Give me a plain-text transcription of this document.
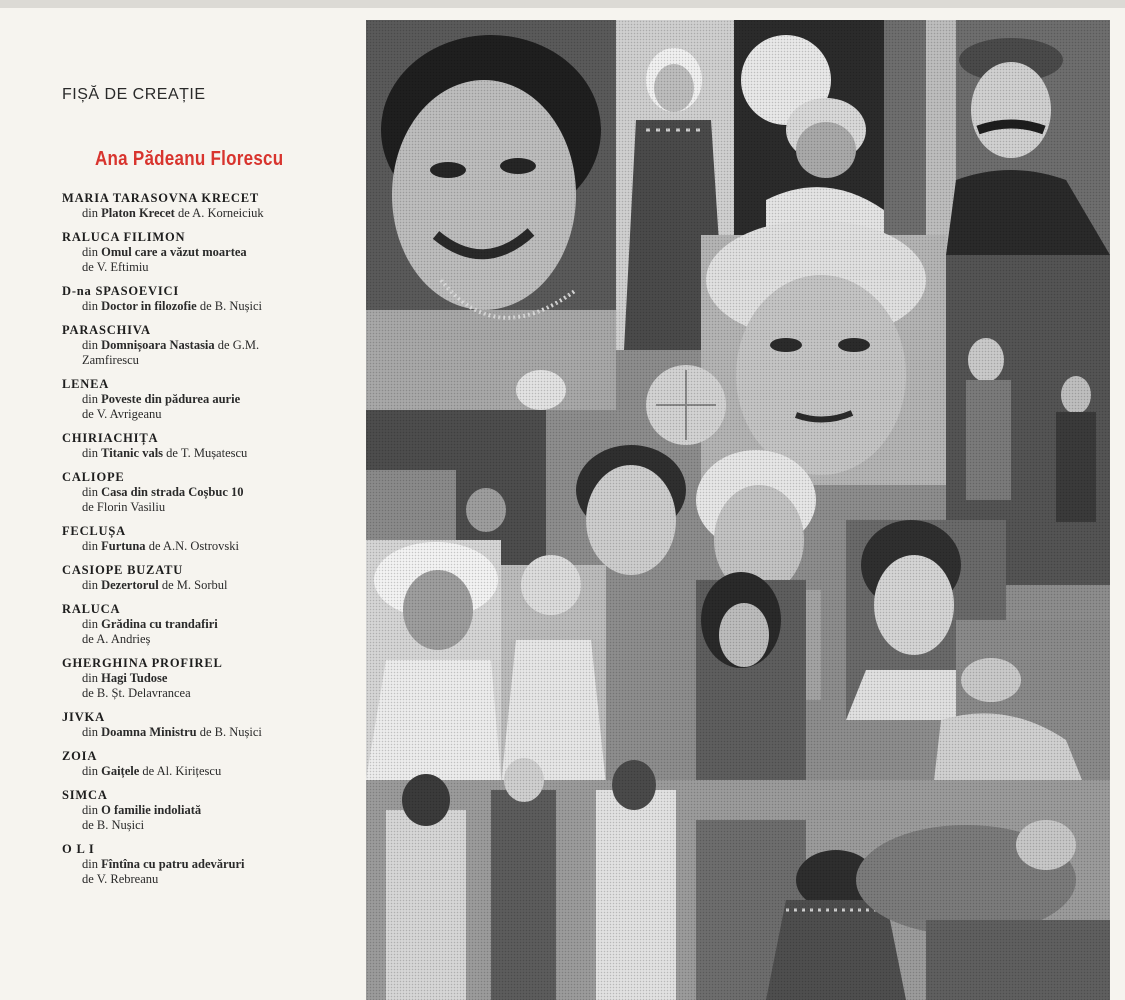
FIȘĂ DE CREAȚIE
Ana Pădeanu Florescu
MARIA TARASOVNA KRECET
din Platon Krecet de A. Korneiciuk
RALUCA FILIMON
din Omul care a văzut moartea
de V. Eftimiu
D-na SPASOEVICI
din Doctor in filozofie de B. Nușici
PARASCHIVA
din Domnișoara Nastasia de G.M.
Zamfirescu
LENEA
din Poveste din pădurea aurie
de V. Avrigeanu
CHIRIACHIȚA
din Titanic vals de T. Mușatescu
CALIOPE
din Casa din strada Coșbuc 10
de Florin Vasiliu
FECLUȘA
din Furtuna de A.N. Ostrovski
CASIOPE BUZATU
din Dezertorul de M. Sorbul
RALUCA
din Grădina cu trandafiri
de A. Andrieș
GHERGHINA PROFIREL
din Hagi Tudose
de B. Șt. Delavrancea
JIVKA
din Doamna Ministru de B. Nușici
ZOIA
din Gaițele de Al. Kirițescu
SIMCA
din O familie indoliată
de B. Nușici
O L I
din Fîntîna cu patru adevăruri
de V. Rebreanu
